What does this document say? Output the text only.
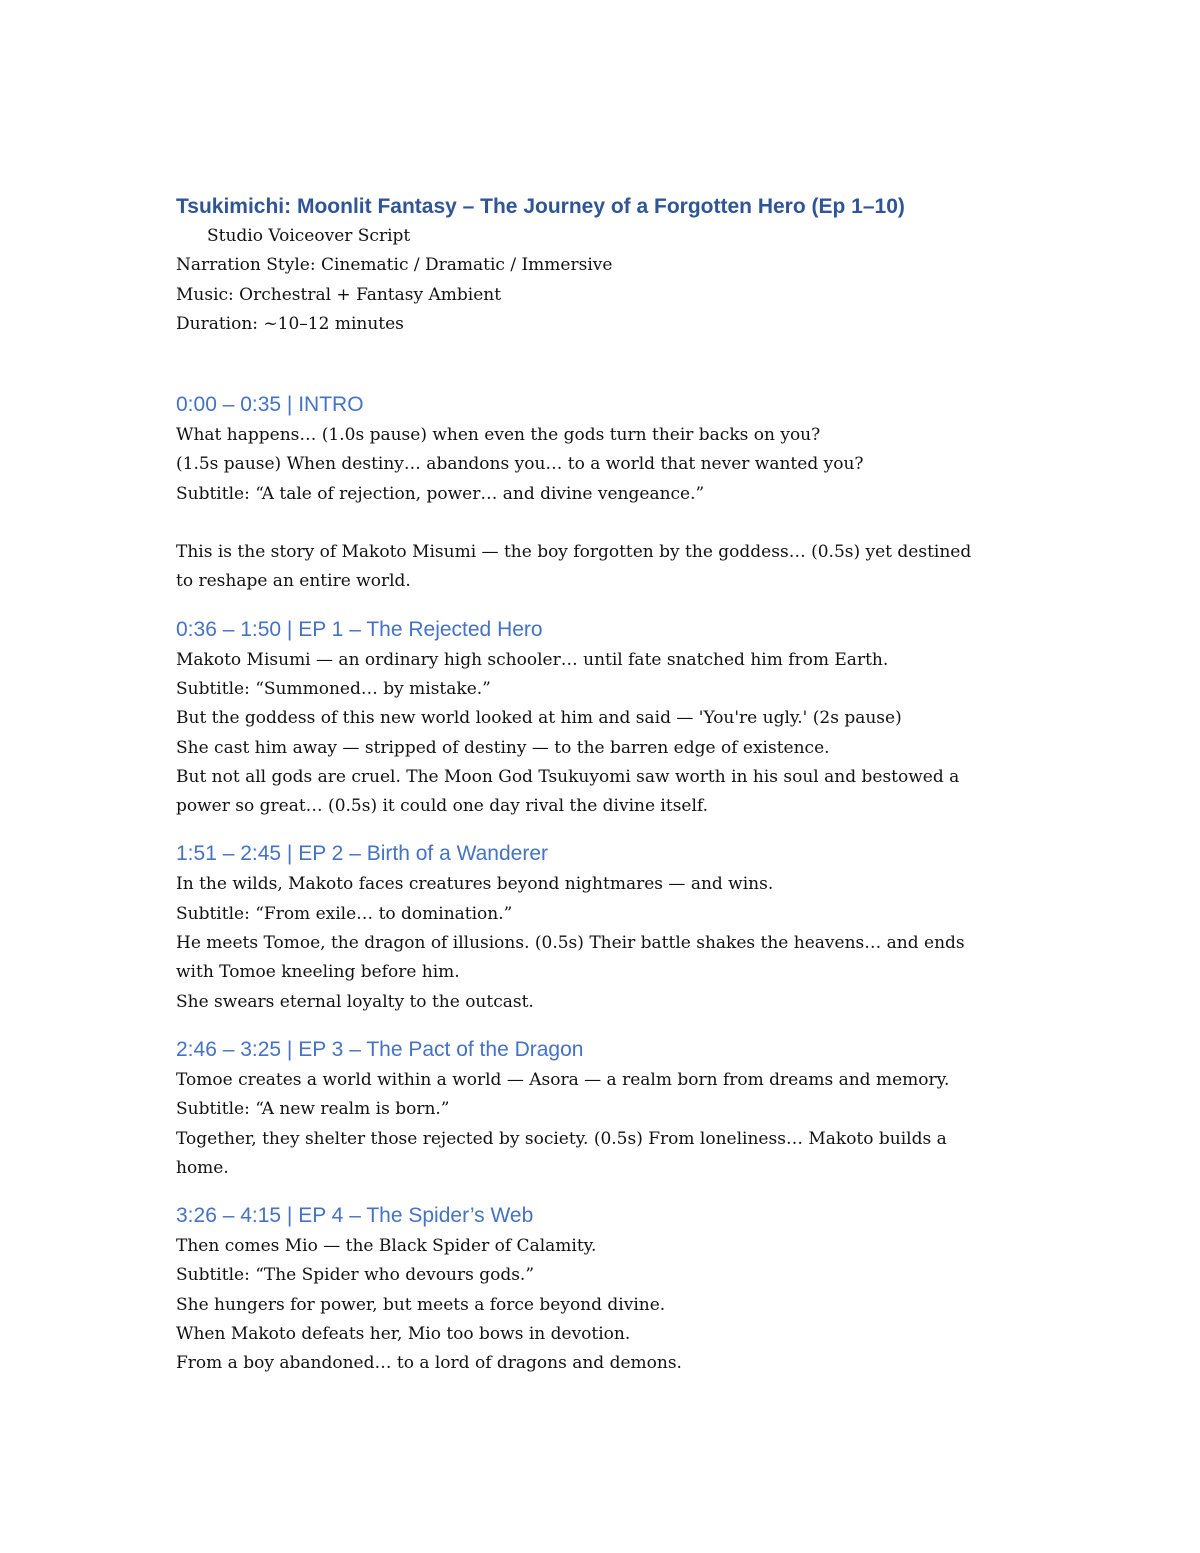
Tsukimichi: Moonlit Fantasy – The Journey of a Forgotten Hero (Ep 1–10)

Studio Voiceover Script

Narration Style: Cinematic / Dramatic / Immersive

Music: Orchestral + Fantasy Ambient

Duration: ~10–12 minutes

0:00 – 0:35 | INTRO

What happens… (1.0s pause) when even the gods turn their backs on you?

(1.5s pause) When destiny… abandons you… to a world that never wanted you?

Subtitle: “A tale of rejection, power… and divine vengeance.”

This is the story of Makoto Misumi — the boy forgotten by the goddess… (0.5s) yet destined

to reshape an entire world.

0:36 – 1:50 | EP 1 – The Rejected Hero

Makoto Misumi — an ordinary high schooler… until fate snatched him from Earth.

Subtitle: “Summoned… by mistake.”

But the goddess of this new world looked at him and said — 'You're ugly.' (2s pause)

She cast him away — stripped of destiny — to the barren edge of existence.

But not all gods are cruel. The Moon God Tsukuyomi saw worth in his soul and bestowed a

power so great… (0.5s) it could one day rival the divine itself.

1:51 – 2:45 | EP 2 – Birth of a Wanderer

In the wilds, Makoto faces creatures beyond nightmares — and wins.

Subtitle: “From exile… to domination.”

He meets Tomoe, the dragon of illusions. (0.5s) Their battle shakes the heavens… and ends

with Tomoe kneeling before him.

She swears eternal loyalty to the outcast.

2:46 – 3:25 | EP 3 – The Pact of the Dragon

Tomoe creates a world within a world — Asora — a realm born from dreams and memory.

Subtitle: “A new realm is born.”

Together, they shelter those rejected by society. (0.5s) From loneliness… Makoto builds a

home.

3:26 – 4:15 | EP 4 – The Spider’s Web

Then comes Mio — the Black Spider of Calamity.

Subtitle: “The Spider who devours gods.”

She hungers for power, but meets a force beyond divine.

When Makoto defeats her, Mio too bows in devotion.

From a boy abandoned… to a lord of dragons and demons.
